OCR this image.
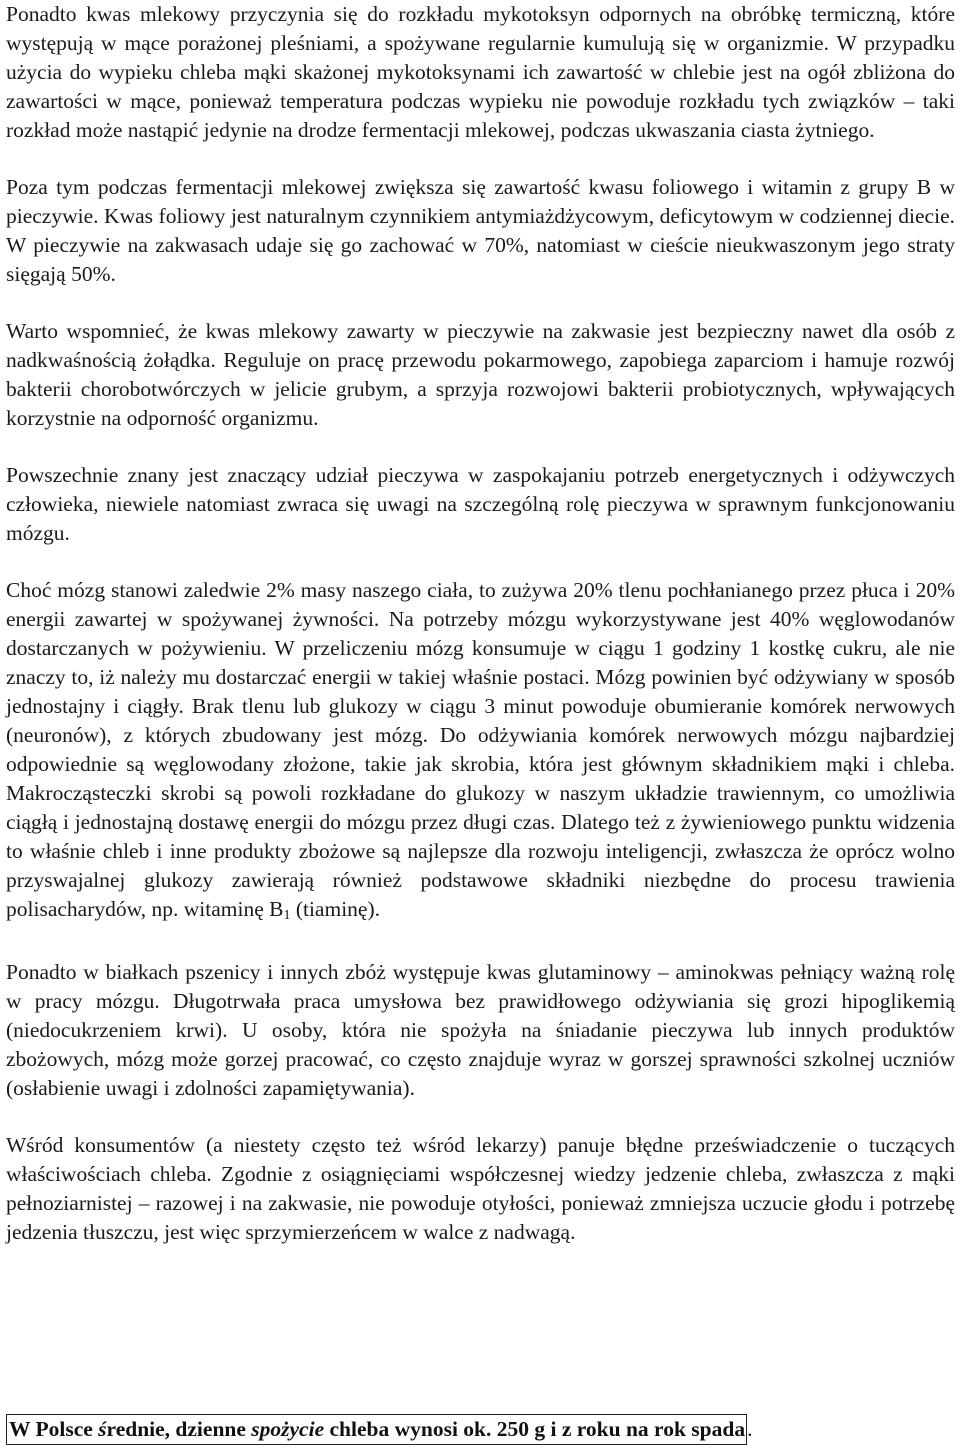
Ponadto kwas mlekowy przyczynia się do rozkładu mykotoksyn odpornych na obróbkę termiczną, które występują w mące porażonej pleśniami, a spożywane regularnie kumulują się w organizmie. W przypadku użycia do wypieku chleba mąki skażonej mykotoksynami ich zawartość w chlebie jest na ogół zbliżona do zawartości w mące, ponieważ temperatura podczas wypieku nie powoduje rozkładu tych związków – taki rozkład może nastąpić jedynie na drodze fermentacji mlekowej, podczas ukwaszania ciasta żytniego.

Poza tym podczas fermentacji mlekowej zwiększa się zawartość kwasu foliowego i witamin z grupy B w pieczywie. Kwas foliowy jest naturalnym czynnikiem antymiażdżycowym, deficytowym w codziennej diecie. W pieczywie na zakwasach udaje się go zachować w 70%, natomiast w cieście nieukwaszonym jego straty sięgają 50%.

Warto wspomnieć, że kwas mlekowy zawarty w pieczywie na zakwasie jest bezpieczny nawet dla osób z nadkwaśnością żołądka. Reguluje on pracę przewodu pokarmowego, zapobiega zaparciom i hamuje rozwój bakterii chorobotwórczych w jelicie grubym, a sprzyja rozwojowi bakterii probiotycznych, wpływających korzystnie na odporność organizmu.

Powszechnie znany jest znaczący udział pieczywa w zaspokajaniu potrzeb energetycznych i odżywczych człowieka, niewiele natomiast zwraca się uwagi na szczególną rolę pieczywa w sprawnym funkcjonowaniu mózgu.

Choć mózg stanowi zaledwie 2% masy naszego ciała, to zużywa 20% tlenu pochłanianego przez płuca i 20% energii zawartej w spożywanej żywności. Na potrzeby mózgu wykorzystywane jest 40% węglowodanów dostarczanych w pożywieniu. W przeliczeniu mózg konsumuje w ciągu 1 godziny 1 kostkę cukru, ale nie znaczy to, iż należy mu dostarczać energii w takiej właśnie postaci. Mózg powinien być odżywiany w sposób jednostajny i ciągły. Brak tlenu lub glukozy w ciągu 3 minut powoduje obumieranie komórek nerwowych (neuronów), z których zbudowany jest mózg. Do odżywiania komórek nerwowych mózgu najbardziej odpowiednie są węglowodany złożone, takie jak skrobia, która jest głównym składnikiem mąki i chleba. Makrocząsteczki skrobi są powoli rozkładane do glukozy w naszym układzie trawiennym, co umożliwia ciągłą i jednostajną dostawę energii do mózgu przez długi czas. Dlatego też z żywieniowego punktu widzenia to właśnie chleb i inne produkty zbożowe są najlepsze dla rozwoju inteligencji, zwłaszcza że oprócz wolno przyswajalnej glukozy zawierają również podstawowe składniki niezbędne do procesu trawienia polisacharydów, np. witaminę $B_1$ (tiaminę).

Ponadto w białkach pszenicy i innych zbóż występuje kwas glutaminowy – aminokwas pełniący ważną rolę w pracy mózgu. Długotrwała praca umysłowa bez prawidłowego odżywiania się grozi hipoglikemią (niedocukrzeniem krwi). U osoby, która nie spożyła na śniadanie pieczywa lub innych produktów zbożowych, mózg może gorzej pracować, co często znajduje wyraz w gorszej sprawności szkolnej uczniów (osłabienie uwagi i zdolności zapamiętywania).

Wśród konsumentów (a niestety często też wśród lekarzy) panuje błędne przeświadczenie o tuczących właściwościach chleba. Zgodnie z osiągnięciami współczesnej wiedzy jedzenie chleba, zwłaszcza z mąki pełnoziarnistej – razowej i na zakwasie, nie powoduje otyłości, ponieważ zmniejsza uczucie głodu i potrzebę jedzenia tłuszczu, jest więc sprzymierzeńcem w walce z nadwagą.

W Polsce średnie, dzienne spożycie chleba wynosi ok. 250 g i z roku na rok spada.
